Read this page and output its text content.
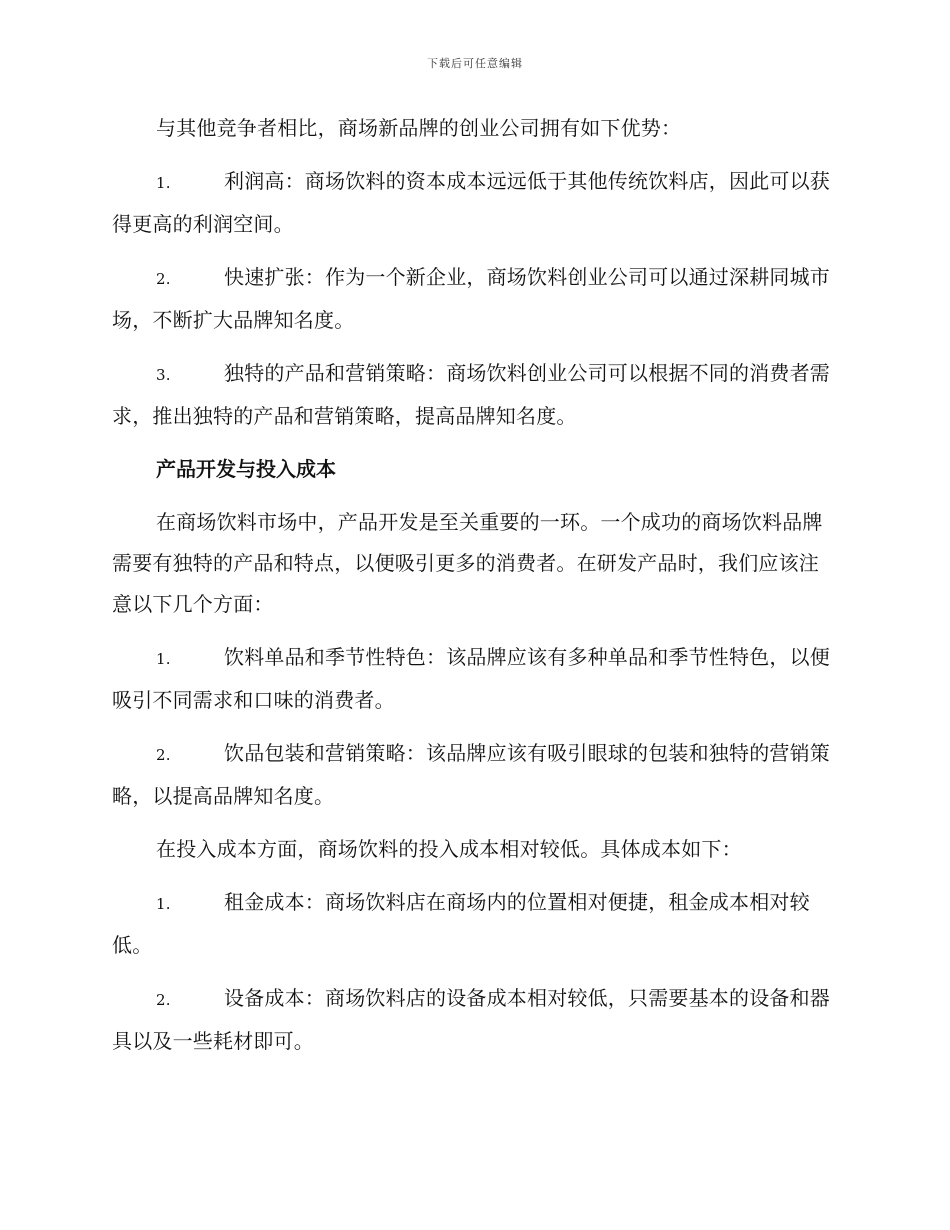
下载后可任意编辑

与其他竞争者相比，商场新品牌的创业公司拥有如下优势：

1.	利润高：商场饮料的资本成本远远低于其他传统饮料店，因此可以获得更高的利润空间。

2.	快速扩张：作为一个新企业，商场饮料创业公司可以通过深耕同城市场，不断扩大品牌知名度。

3.	独特的产品和营销策略：商场饮料创业公司可以根据不同的消费者需求，推出独特的产品和营销策略，提高品牌知名度。

产品开发与投入成本

在商场饮料市场中，产品开发是至关重要的一环。一个成功的商场饮料品牌需要有独特的产品和特点，以便吸引更多的消费者。在研发产品时，我们应该注意以下几个方面：

1.	饮料单品和季节性特色：该品牌应该有多种单品和季节性特色，以便吸引不同需求和口味的消费者。

2.	饮品包装和营销策略：该品牌应该有吸引眼球的包装和独特的营销策略，以提高品牌知名度。

在投入成本方面，商场饮料的投入成本相对较低。具体成本如下：

1.	租金成本：商场饮料店在商场内的位置相对便捷，租金成本相对较低。

2.	设备成本：商场饮料店的设备成本相对较低，只需要基本的设备和器具以及一些耗材即可。
